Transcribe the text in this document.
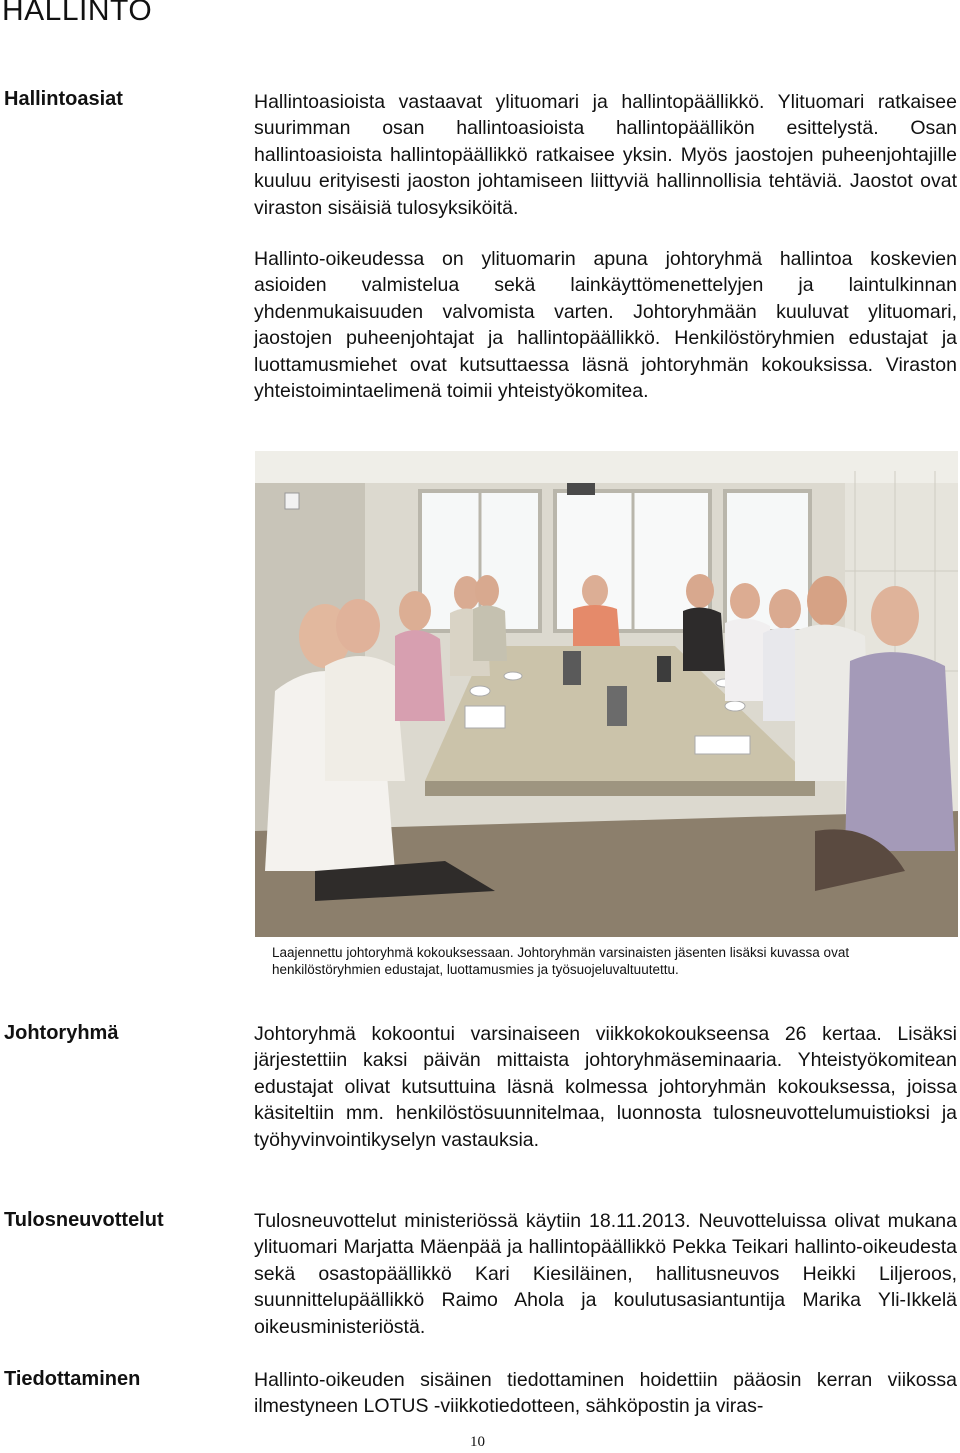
HALLINTO
Hallintoasiat	Hallintoasioista vastaavat ylituomari ja hallintopäällikkö. Ylituomari ratkaisee suurimman osan hallintoasioista hallintopäällikön esittelystä. Osan hallintoasioista hallintopäällikkö ratkaisee yksin. Myös jaostojen puheenjohtajille kuuluu erityisesti jaoston johtamiseen liittyviä hallinnollisia tehtäviä. Jaostot ovat viraston sisäisiä tulosyksiköitä.

Hallinto-oikeudessa on ylituomarin apuna johtoryhmä hallintoa koskevien asioiden valmistelua sekä lainkäyttömenettelyjen ja laintulkinnan yhdenmukaisuuden valvomista varten. Johtoryhmään kuuluvat ylituomari, jaostojen puheenjohtajat ja hallintopäällikkö. Henkilöstöryhmien edustajat ja luottamusmiehet ovat kutsuttaessa läsnä johtoryhmän kokouksissa. Viraston yhteistoimintaelimenä toimii yhteistyökomitea.

Laajennettu johtoryhmä kokouksessaan. Johtoryhmän varsinaisten jäsenten lisäksi kuvassa ovat henkilöstöryhmien edustajat, luottamusmies ja työsuojeluvaltuutettu.
Johtoryhmä	Johtoryhmä kokoontui varsinaiseen viikkokokoukseensa 26 kertaa. Lisäksi järjestettiin kaksi päivän mittaista johtoryhmäseminaaria. Yhteistyökomitean edustajat olivat kutsuttuina läsnä kolmessa johtoryhmän kokouksessa, joissa käsiteltiin mm. henkilöstösuunnitelmaa, luonnosta tulosneuvottelumuistioksi ja työhyvinvointikyselyn vastauksia.

Tulosneuvottelut	Tulosneuvottelut ministeriössä käytiin 18.11.2013. Neuvotteluissa olivat mukana ylituomari Marjatta Mäenpää ja hallintopäällikkö Pekka Teikari hallinto-oikeudesta sekä osastopäällikkö Kari Kiesiläinen, hallitusneuvos Heikki Liljeroos, suunnittelupäällikkö Raimo Ahola ja koulutusasiantuntija Marika Yli-Ikkelä oikeusministeriöstä.

Tiedottaminen	Hallinto-oikeuden sisäinen tiedottaminen hoidettiin pääosin kerran viikossa ilmestyneen LOTUS -viikkotiedotteen, sähköpostin ja viras-

10
